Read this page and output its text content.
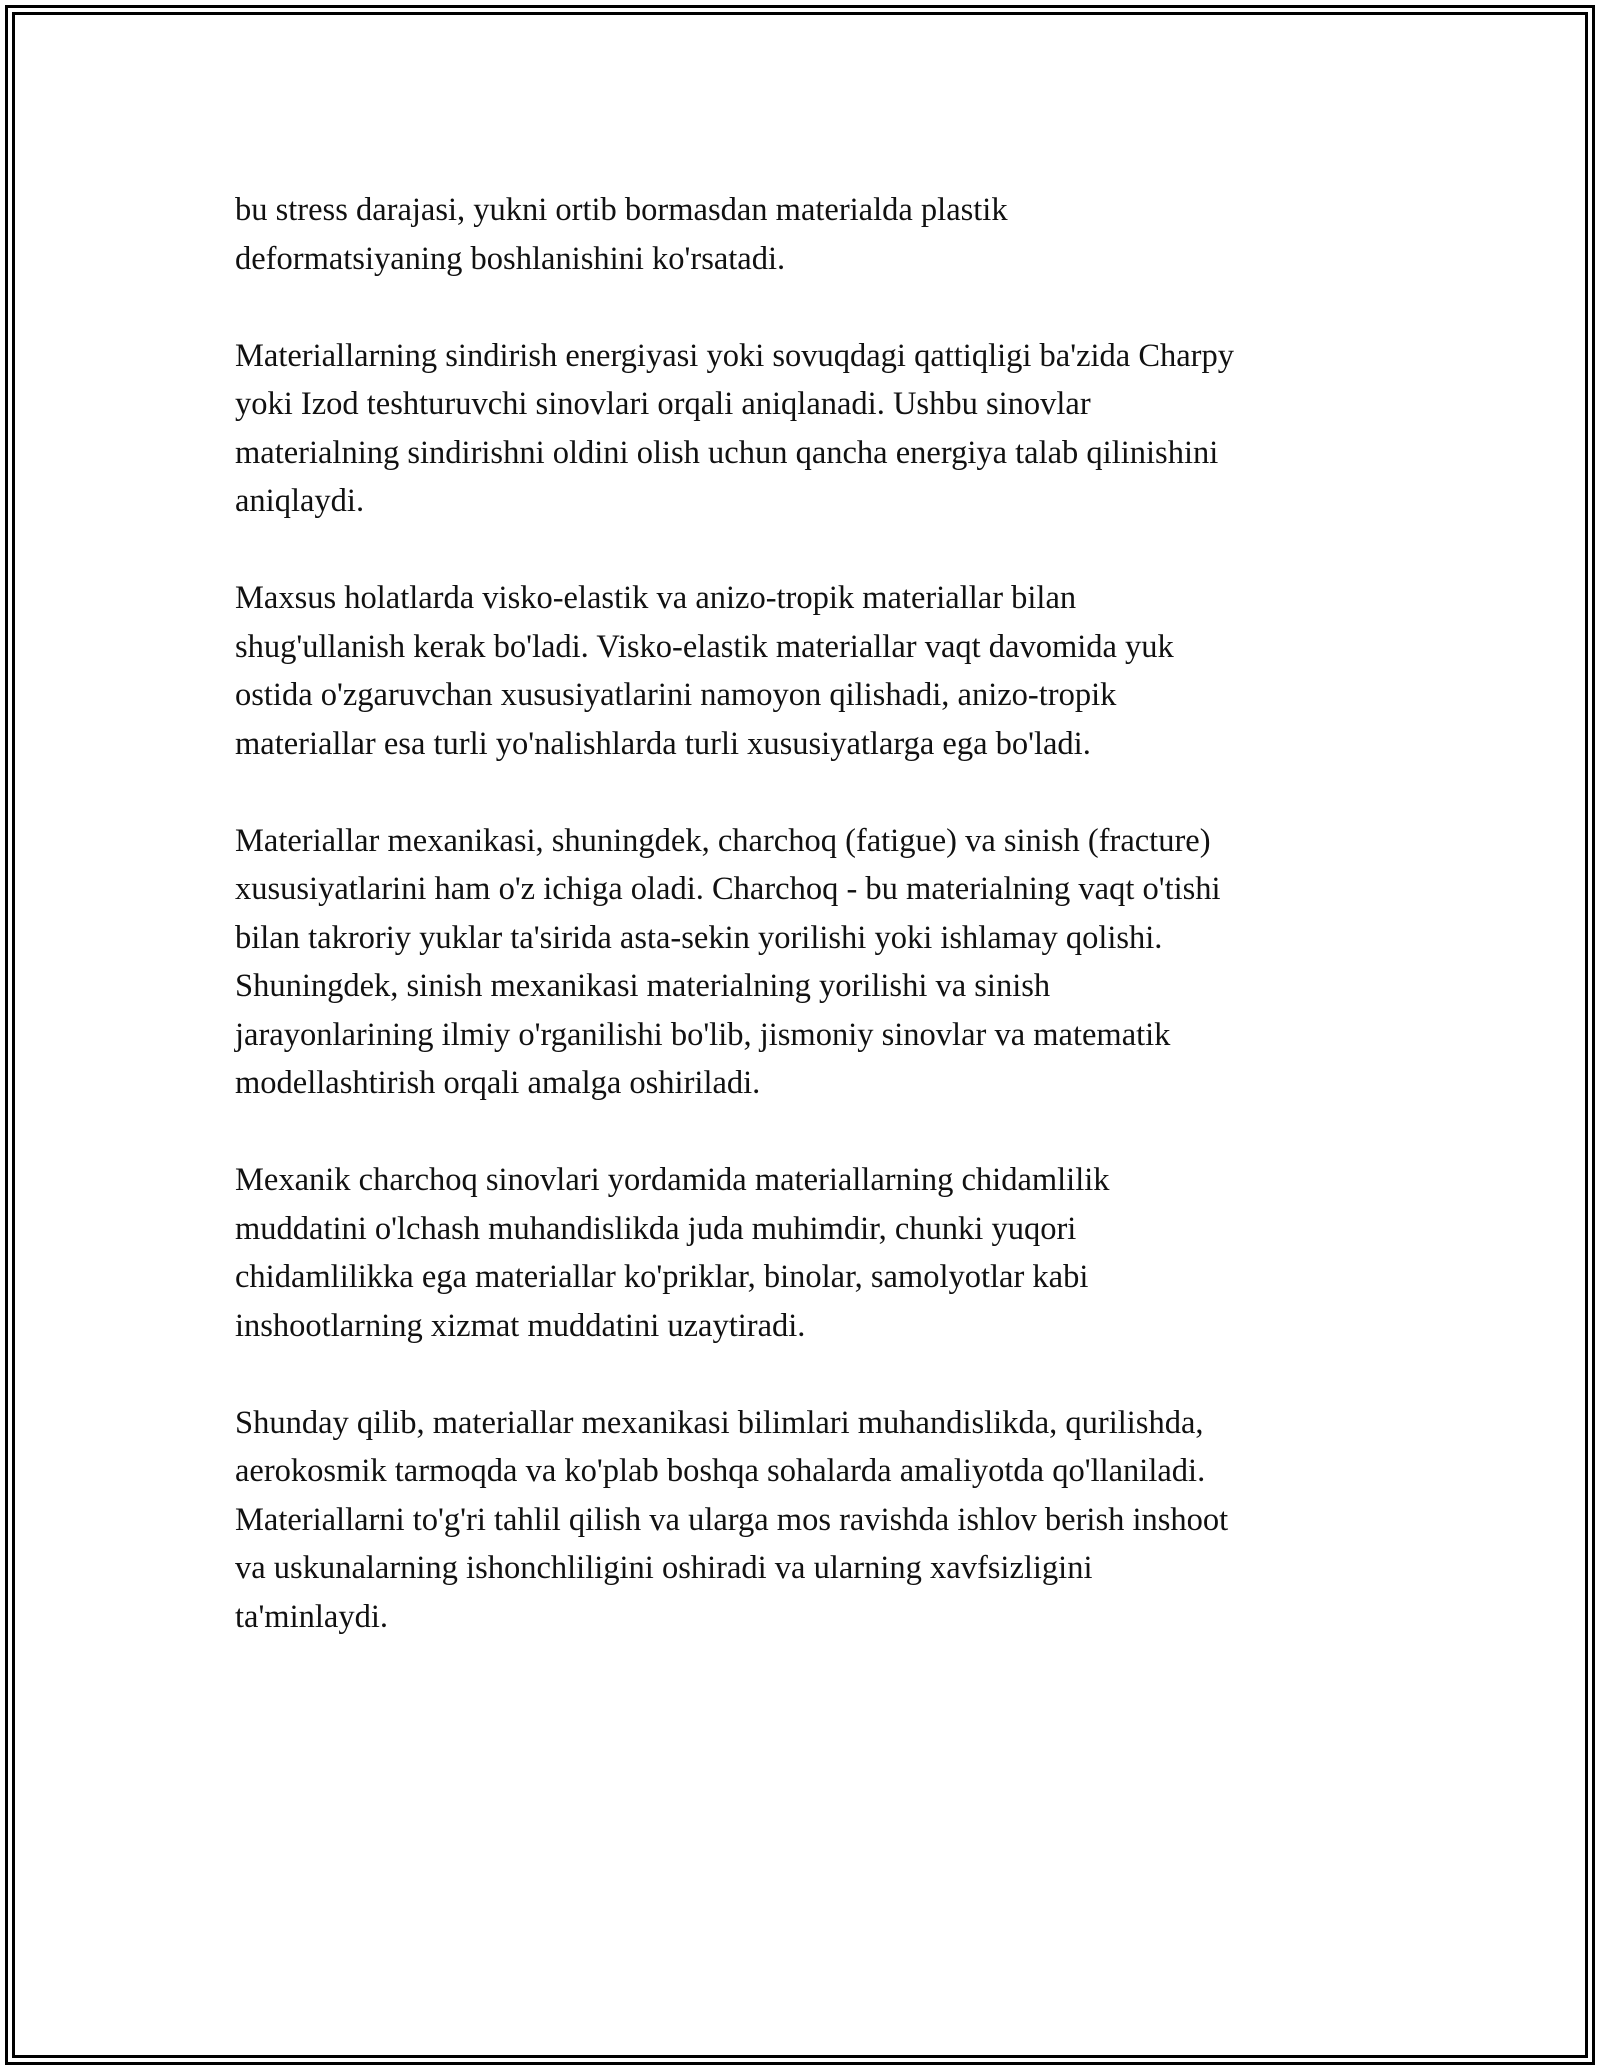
bu stress darajasi, yukni ortib bormasdan materialda plastik
deformatsiyaning boshlanishini ko'rsatadi.

Materiallarning sindirish energiyasi yoki sovuqdagi qattiqligi ba'zida Charpy
yoki Izod teshturuvchi sinovlari orqali aniqlanadi. Ushbu sinovlar
materialning sindirishni oldini olish uchun qancha energiya talab qilinishini
aniqlaydi.

Maxsus holatlarda visko-elastik va anizo-tropik materiallar bilan
shug'ullanish kerak bo'ladi. Visko-elastik materiallar vaqt davomida yuk
ostida o'zgaruvchan xususiyatlarini namoyon qilishadi, anizo-tropik
materiallar esa turli yo'nalishlarda turli xususiyatlarga ega bo'ladi.

Materiallar mexanikasi, shuningdek, charchoq (fatigue) va sinish (fracture)
xususiyatlarini ham o'z ichiga oladi. Charchoq - bu materialning vaqt o'tishi
bilan takroriy yuklar ta'sirida asta-sekin yorilishi yoki ishlamay qolishi.
Shuningdek, sinish mexanikasi materialning yorilishi va sinish
jarayonlarining ilmiy o'rganilishi bo'lib, jismoniy sinovlar va matematik
modellashtirish orqali amalga oshiriladi.

Mexanik charchoq sinovlari yordamida materiallarning chidamlilik
muddatini o'lchash muhandislikda juda muhimdir, chunki yuqori
chidamlilikka ega materiallar ko'priklar, binolar, samolyotlar kabi
inshootlarning xizmat muddatini uzaytiradi.

Shunday qilib, materiallar mexanikasi bilimlari muhandislikda, qurilishda,
aerokosmik tarmoqda va ko'plab boshqa sohalarda amaliyotda qo'llaniladi.
Materiallarni to'g'ri tahlil qilish va ularga mos ravishda ishlov berish inshoot
va uskunalarning ishonchliligini oshiradi va ularning xavfsizligini
ta'minlaydi.
